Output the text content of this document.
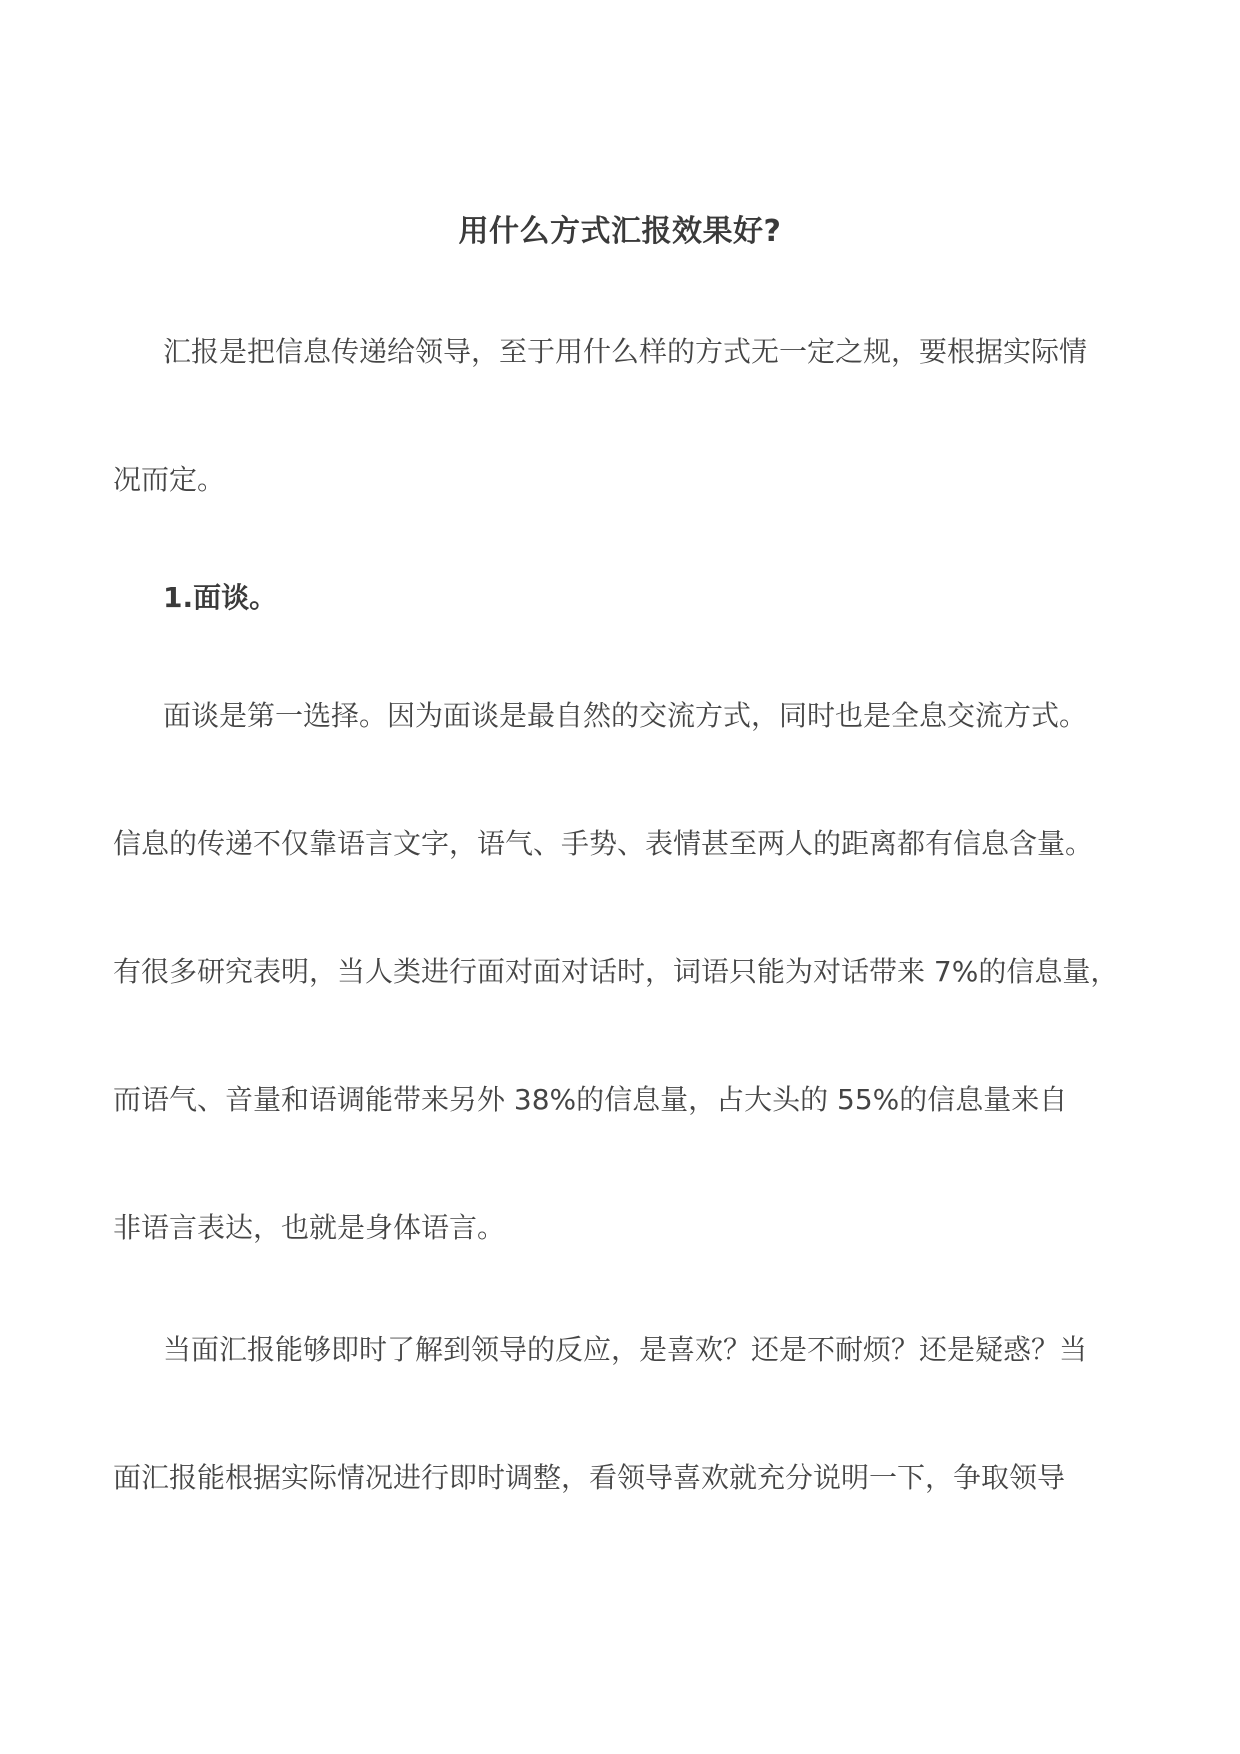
用什么方式汇报效果好?
汇报是把信息传递给领导，至于用什么样的方式无一定之规，要根据实际情
况而定。
1.面谈。
面谈是第一选择。因为面谈是最自然的交流方式，同时也是全息交流方式。
信息的传递不仅靠语言文字，语气、手势、表情甚至两人的距离都有信息含量。
有很多研究表明，当人类进行面对面对话时，词语只能为对话带来 7%的信息量，
而语气、音量和语调能带来另外 38%的信息量，占大头的 55%的信息量来自
非语言表达，也就是身体语言。
当面汇报能够即时了解到领导的反应，是喜欢？还是不耐烦？还是疑惑？当
面汇报能根据实际情况进行即时调整，看领导喜欢就充分说明一下，争取领导
